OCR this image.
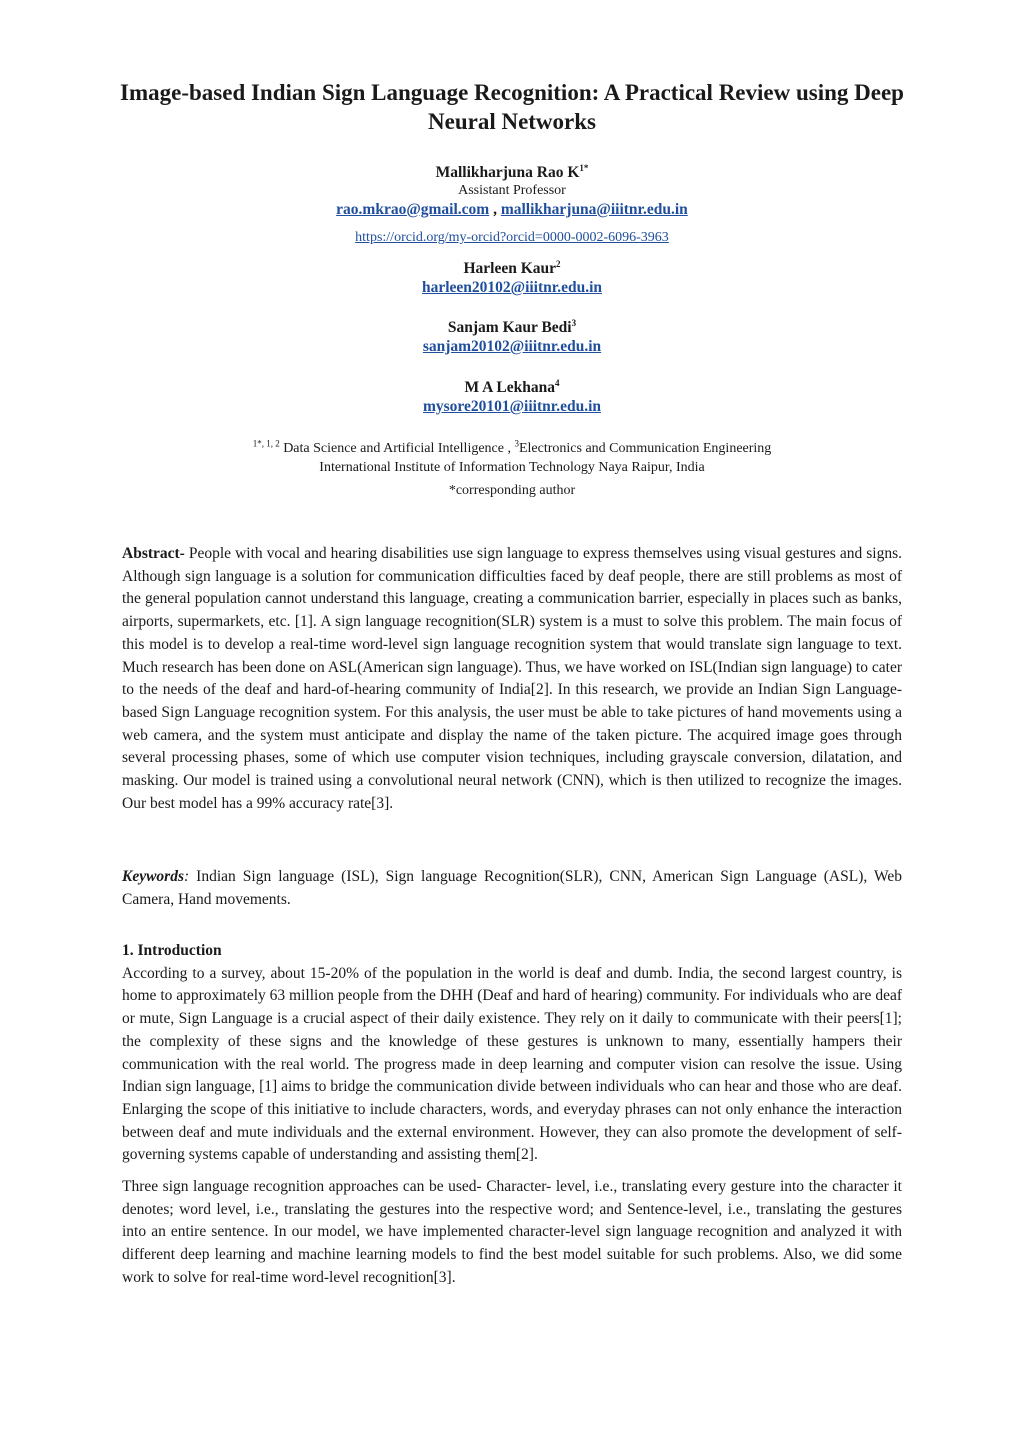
Image-based Indian Sign Language Recognition: A Practical Review using Deep Neural Networks
Mallikharjuna Rao $K^{1*}$
Assistant Professor
rao.mkrao@gmail.com , mallikharjuna@iiitnr.edu.in
https://orcid.org/my-orcid?orcid=0000-0002-6096-3963
Harleen Kaur$^2$
harleen20102@iiitnr.edu.in
Sanjam Kaur Bedi$^3$
sanjam20102@iiitnr.edu.in
M A Lekhana$^4$
mysore20101@iiitnr.edu.in
$^{1*, 1, 2}$ Data Science and Artificial Intelligence , $^3$Electronics and Communication Engineering
International Institute of Information Technology Naya Raipur, India
*corresponding author

Abstract- People with vocal and hearing disabilities use sign language to express themselves using visual gestures and signs. Although sign language is a solution for communication difficulties faced by deaf people, there are still problems as most of the general population cannot understand this language, creating a communication barrier, especially in places such as banks, airports, supermarkets, etc. [1]. A sign language recognition(SLR) system is a must to solve this problem. The main focus of this model is to develop a real-time word-level sign language recognition system that would translate sign language to text. Much research has been done on ASL(American sign language). Thus, we have worked on ISL(Indian sign language) to cater to the needs of the deaf and hard-of-hearing community of India[2]. In this research, we provide an Indian Sign Language-based Sign Language recognition system. For this analysis, the user must be able to take pictures of hand movements using a web camera, and the system must anticipate and display the name of the taken picture. The acquired image goes through several processing phases, some of which use computer vision techniques, including grayscale conversion, dilatation, and masking. Our model is trained using a convolutional neural network (CNN), which is then utilized to recognize the images. Our best model has a 99% accuracy rate[3].

Keywords: Indian Sign language (ISL), Sign language Recognition(SLR), CNN, American Sign Language (ASL), Web Camera, Hand movements.

1. Introduction

According to a survey, about 15-20% of the population in the world is deaf and dumb. India, the second largest country, is home to approximately 63 million people from the DHH (Deaf and hard of hearing) community. For individuals who are deaf or mute, Sign Language is a crucial aspect of their daily existence. They rely on it daily to communicate with their peers[1]; the complexity of these signs and the knowledge of these gestures is unknown to many, essentially hampers their communication with the real world. The progress made in deep learning and computer vision can resolve the issue. Using Indian sign language, [1] aims to bridge the communication divide between individuals who can hear and those who are deaf. Enlarging the scope of this initiative to include characters, words, and everyday phrases can not only enhance the interaction between deaf and mute individuals and the external environment. However, they can also promote the development of self-governing systems capable of understanding and assisting them[2].

Three sign language recognition approaches can be used- Character- level, i.e., translating every gesture into the character it denotes; word level, i.e., translating the gestures into the respective word; and Sentence-level, i.e., translating the gestures into an entire sentence. In our model, we have implemented character-level sign language recognition and analyzed it with different deep learning and machine learning models to find the best model suitable for such problems. Also, we did some work to solve for real-time word-level recognition[3].
